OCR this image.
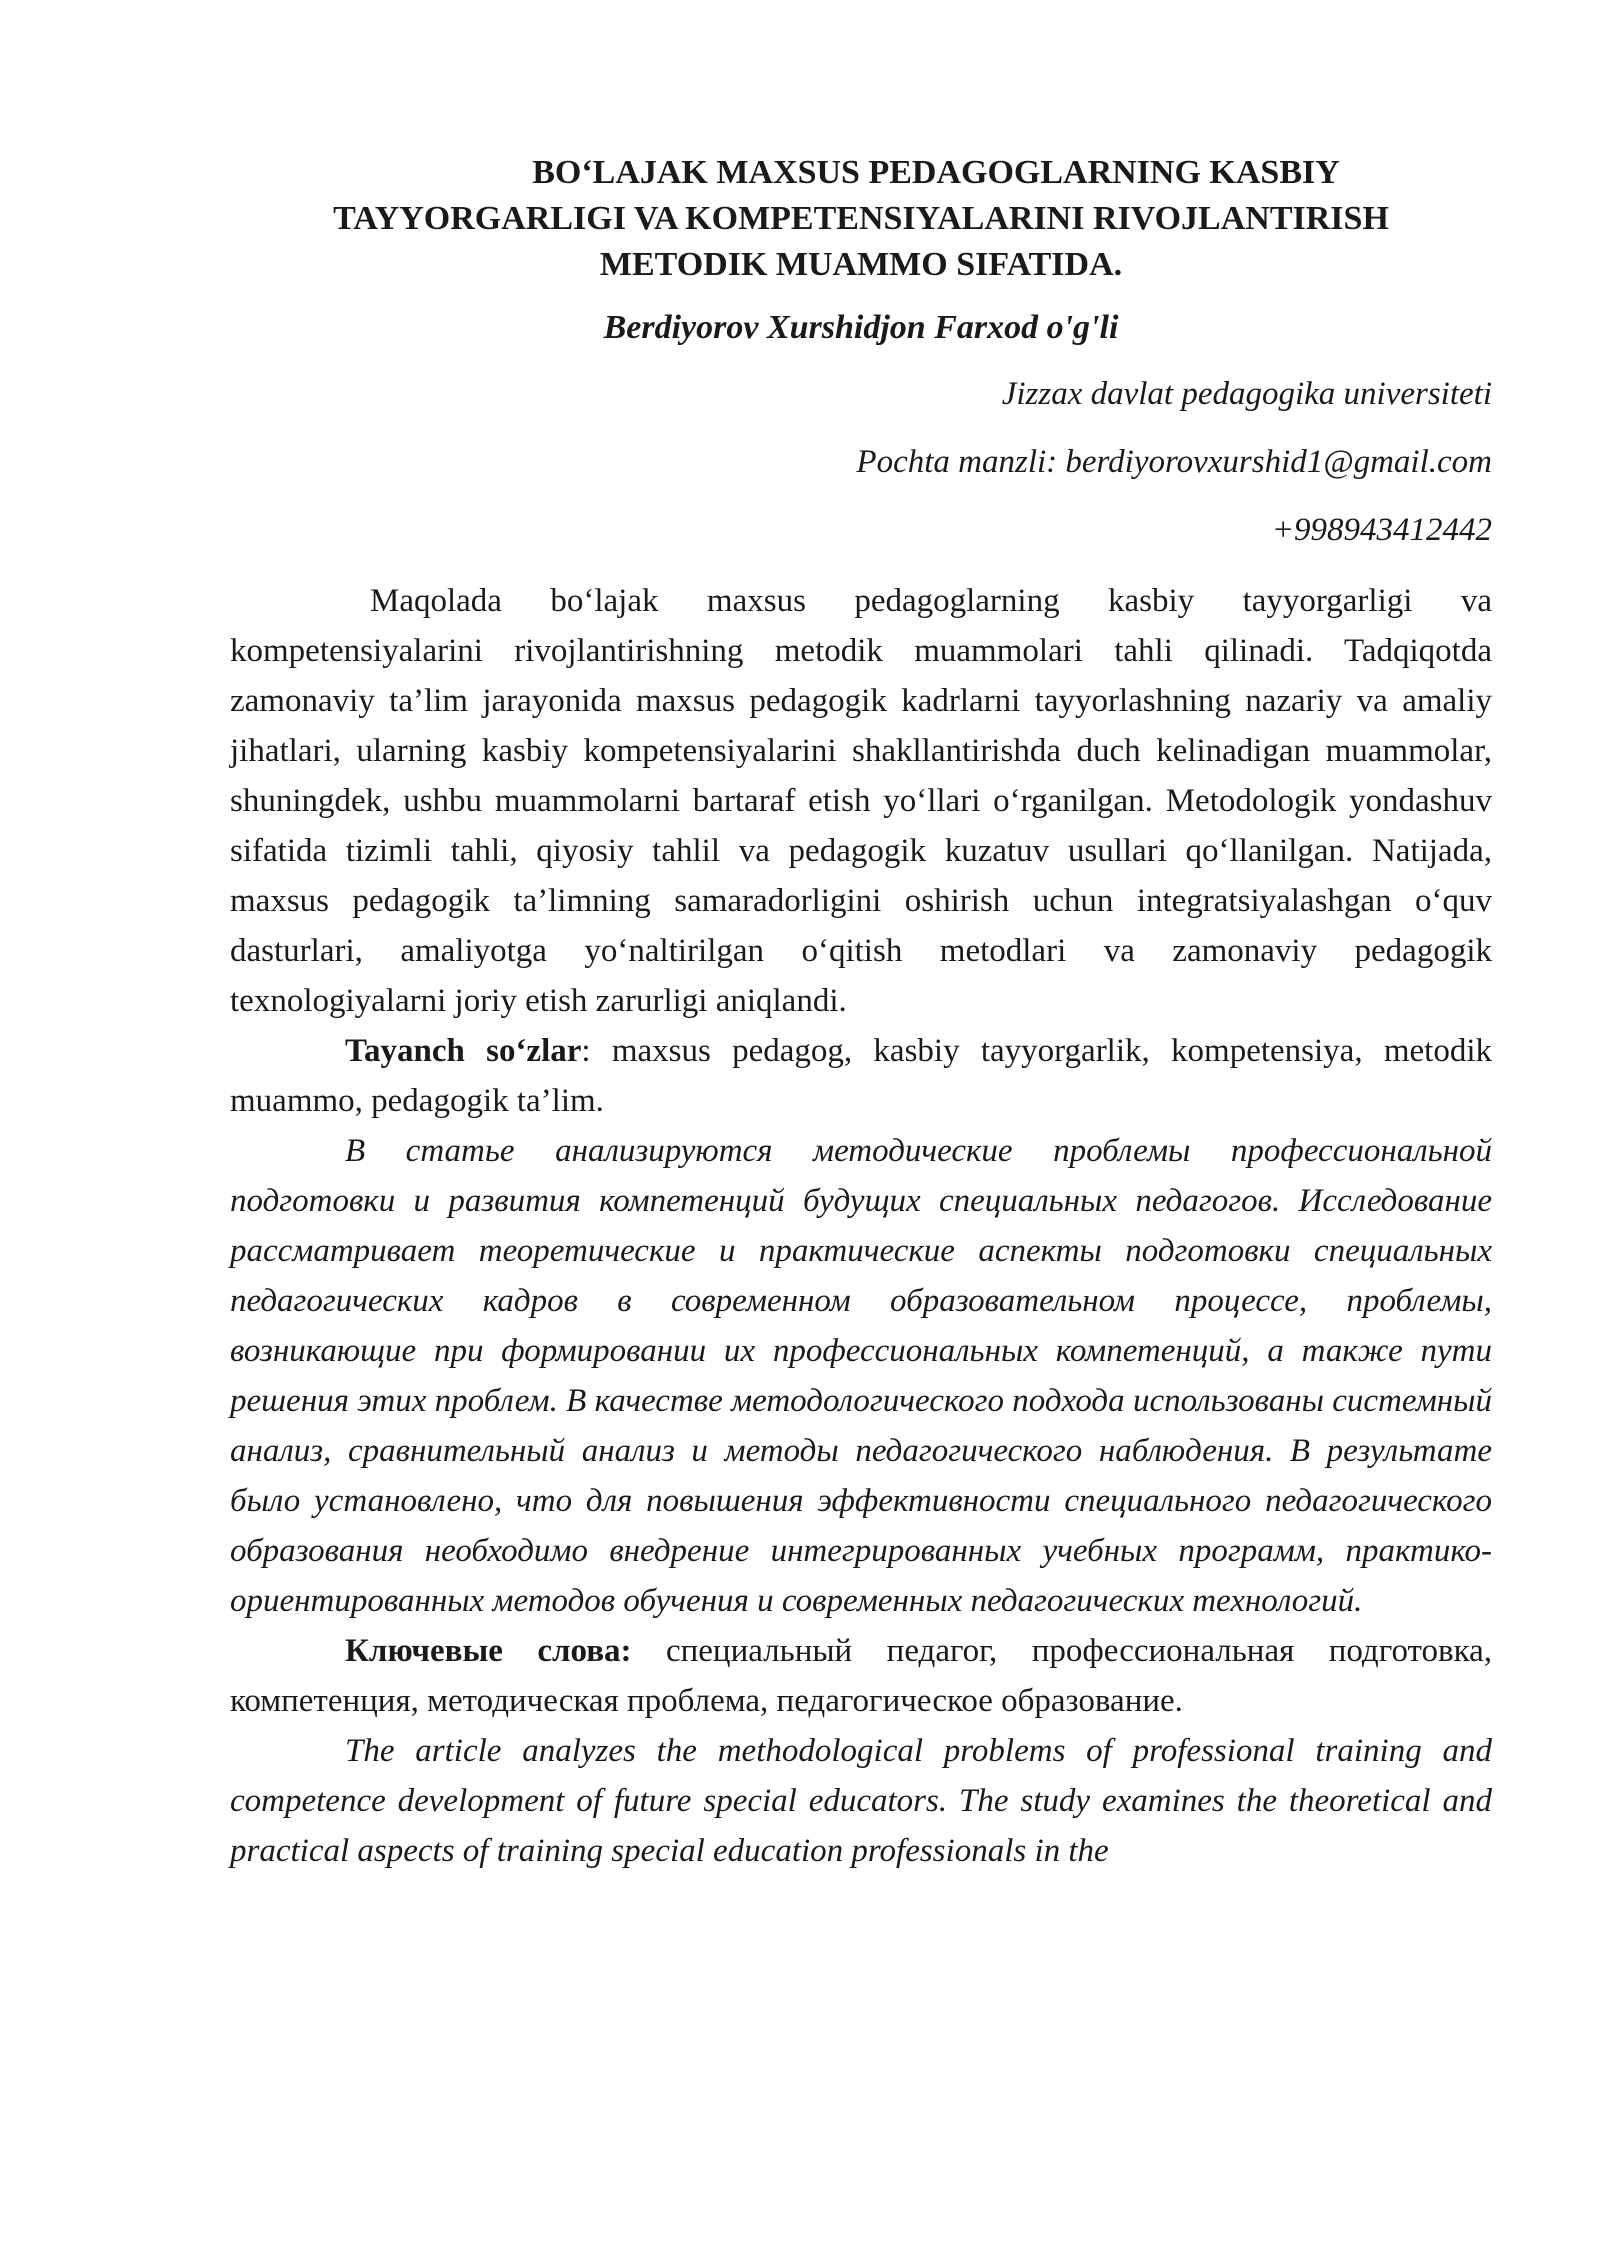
BO‘LAJAK MAXSUS PEDAGOGLARNING KASBIY
TAYYORGARLIGI VA KOMPETENSIYALARINI RIVOJLANTIRISH
METODIK MUAMMO SIFATIDA.

Berdiyorov Xurshidjon Farxod o'g'li

Jizzax davlat pedagogika universiteti

Pochta manzli: berdiyorovxurshid1@gmail.com

+998943412442

Maqolada bo‘lajak maxsus pedagoglarning kasbiy tayyorgarligi va kompetensiyalarini rivojlantirishning metodik muammolari tahli qilinadi. Tadqiqotda zamonaviy ta’lim jarayonida maxsus pedagogik kadrlarni tayyorlashning nazariy va amaliy jihatlari, ularning kasbiy kompetensiyalarini shakllantirishda duch kelinadigan muammolar, shuningdek, ushbu muammolarni bartaraf etish yo‘llari o‘rganilgan. Metodologik yondashuv sifatida tizimli tahli, qiyosiy tahlil va pedagogik kuzatuv usullari qo‘llanilgan. Natijada, maxsus pedagogik ta’limning samaradorligini oshirish uchun integratsiyalashgan o‘quv dasturlari, amaliyotga yo‘naltirilgan o‘qitish metodlari va zamonaviy pedagogik texnologiyalarni joriy etish zarurligi aniqlandi.

Tayanch so‘zlar: maxsus pedagog, kasbiy tayyorgarlik, kompetensiya, metodik muammo, pedagogik ta’lim.

В статье анализируются методические проблемы профессиональной подготовки и развития компетенций будущих специальных педагогов. Исследование рассматривает теоретические и практические аспекты подготовки специальных педагогических кадров в современном образовательном процессе, проблемы, возникающие при формировании их профессиональных компетенций, а также пути решения этих проблем. В качестве методологического подхода использованы системный анализ, сравнительный анализ и методы педагогического наблюдения. В результате было установлено, что для повышения эффективности специального педагогического образования необходимо внедрение интегрированных учебных программ, практико-ориентированных методов обучения и современных педагогических технологий.

Ключевые слова: специальный педагог, профессиональная подготовка, компетенция, методическая проблема, педагогическое образование.

The article analyzes the methodological problems of professional training and competence development of future special educators. The study examines the theoretical and practical aspects of training special education professionals in the
